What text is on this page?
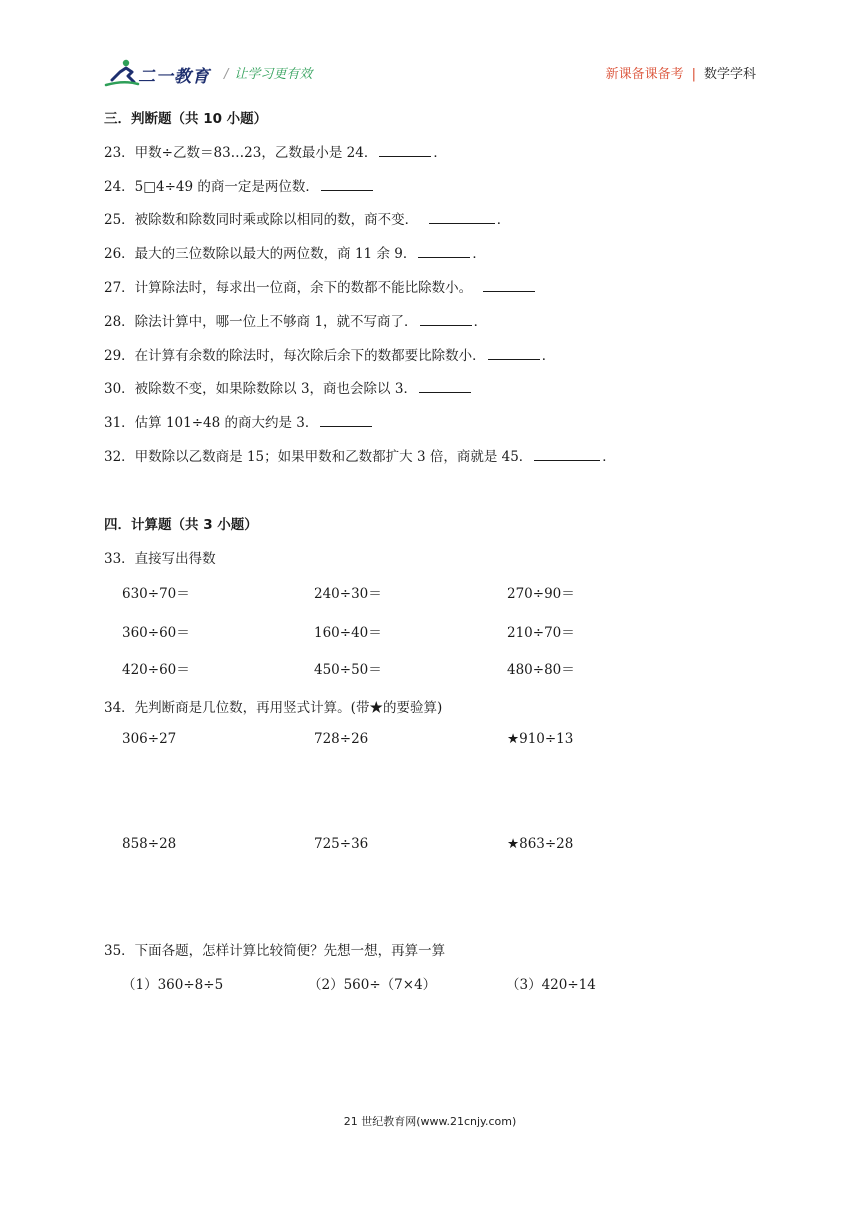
二一教育 / 让学习更有效	新课备课备考 | 数学学科
三．判断题（共 10 小题）
23．甲数÷乙数＝83…23，乙数最小是 24．	．
24．5□4÷49 的商一定是两位数．
25．被除数和除数同时乘或除以相同的数，商不变．	．
26．最大的三位数除以最大的两位数，商 11 余 9．	．
27．计算除法时，每求出一位商，余下的数都不能比除数小。
28．除法计算中，哪一位上不够商 1，就不写商了．	．
29．在计算有余数的除法时，每次除后余下的数都要比除数小．	．
30．被除数不变，如果除数除以 3，商也会除以 3．
31．估算 101÷48 的商大约是 3．
32．甲数除以乙数商是 15；如果甲数和乙数都扩大 3 倍，商就是 45．	．
四．计算题（共 3 小题）
33．直接写出得数
630÷70＝	240÷30＝	270÷90＝
360÷60＝	160÷40＝	210÷70＝
420÷60＝	450÷50＝	480÷80＝
34．先判断商是几位数，再用竖式计算。(带★的要验算)
306÷27	728÷26	★910÷13
858÷28	725÷36	★863÷28
35．下面各题，怎样计算比较简便？先想一想，再算一算
（1）360÷8÷5	（2）560÷（7×4）	（3）420÷14
21 世纪教育网(www.21cnjy.com)
